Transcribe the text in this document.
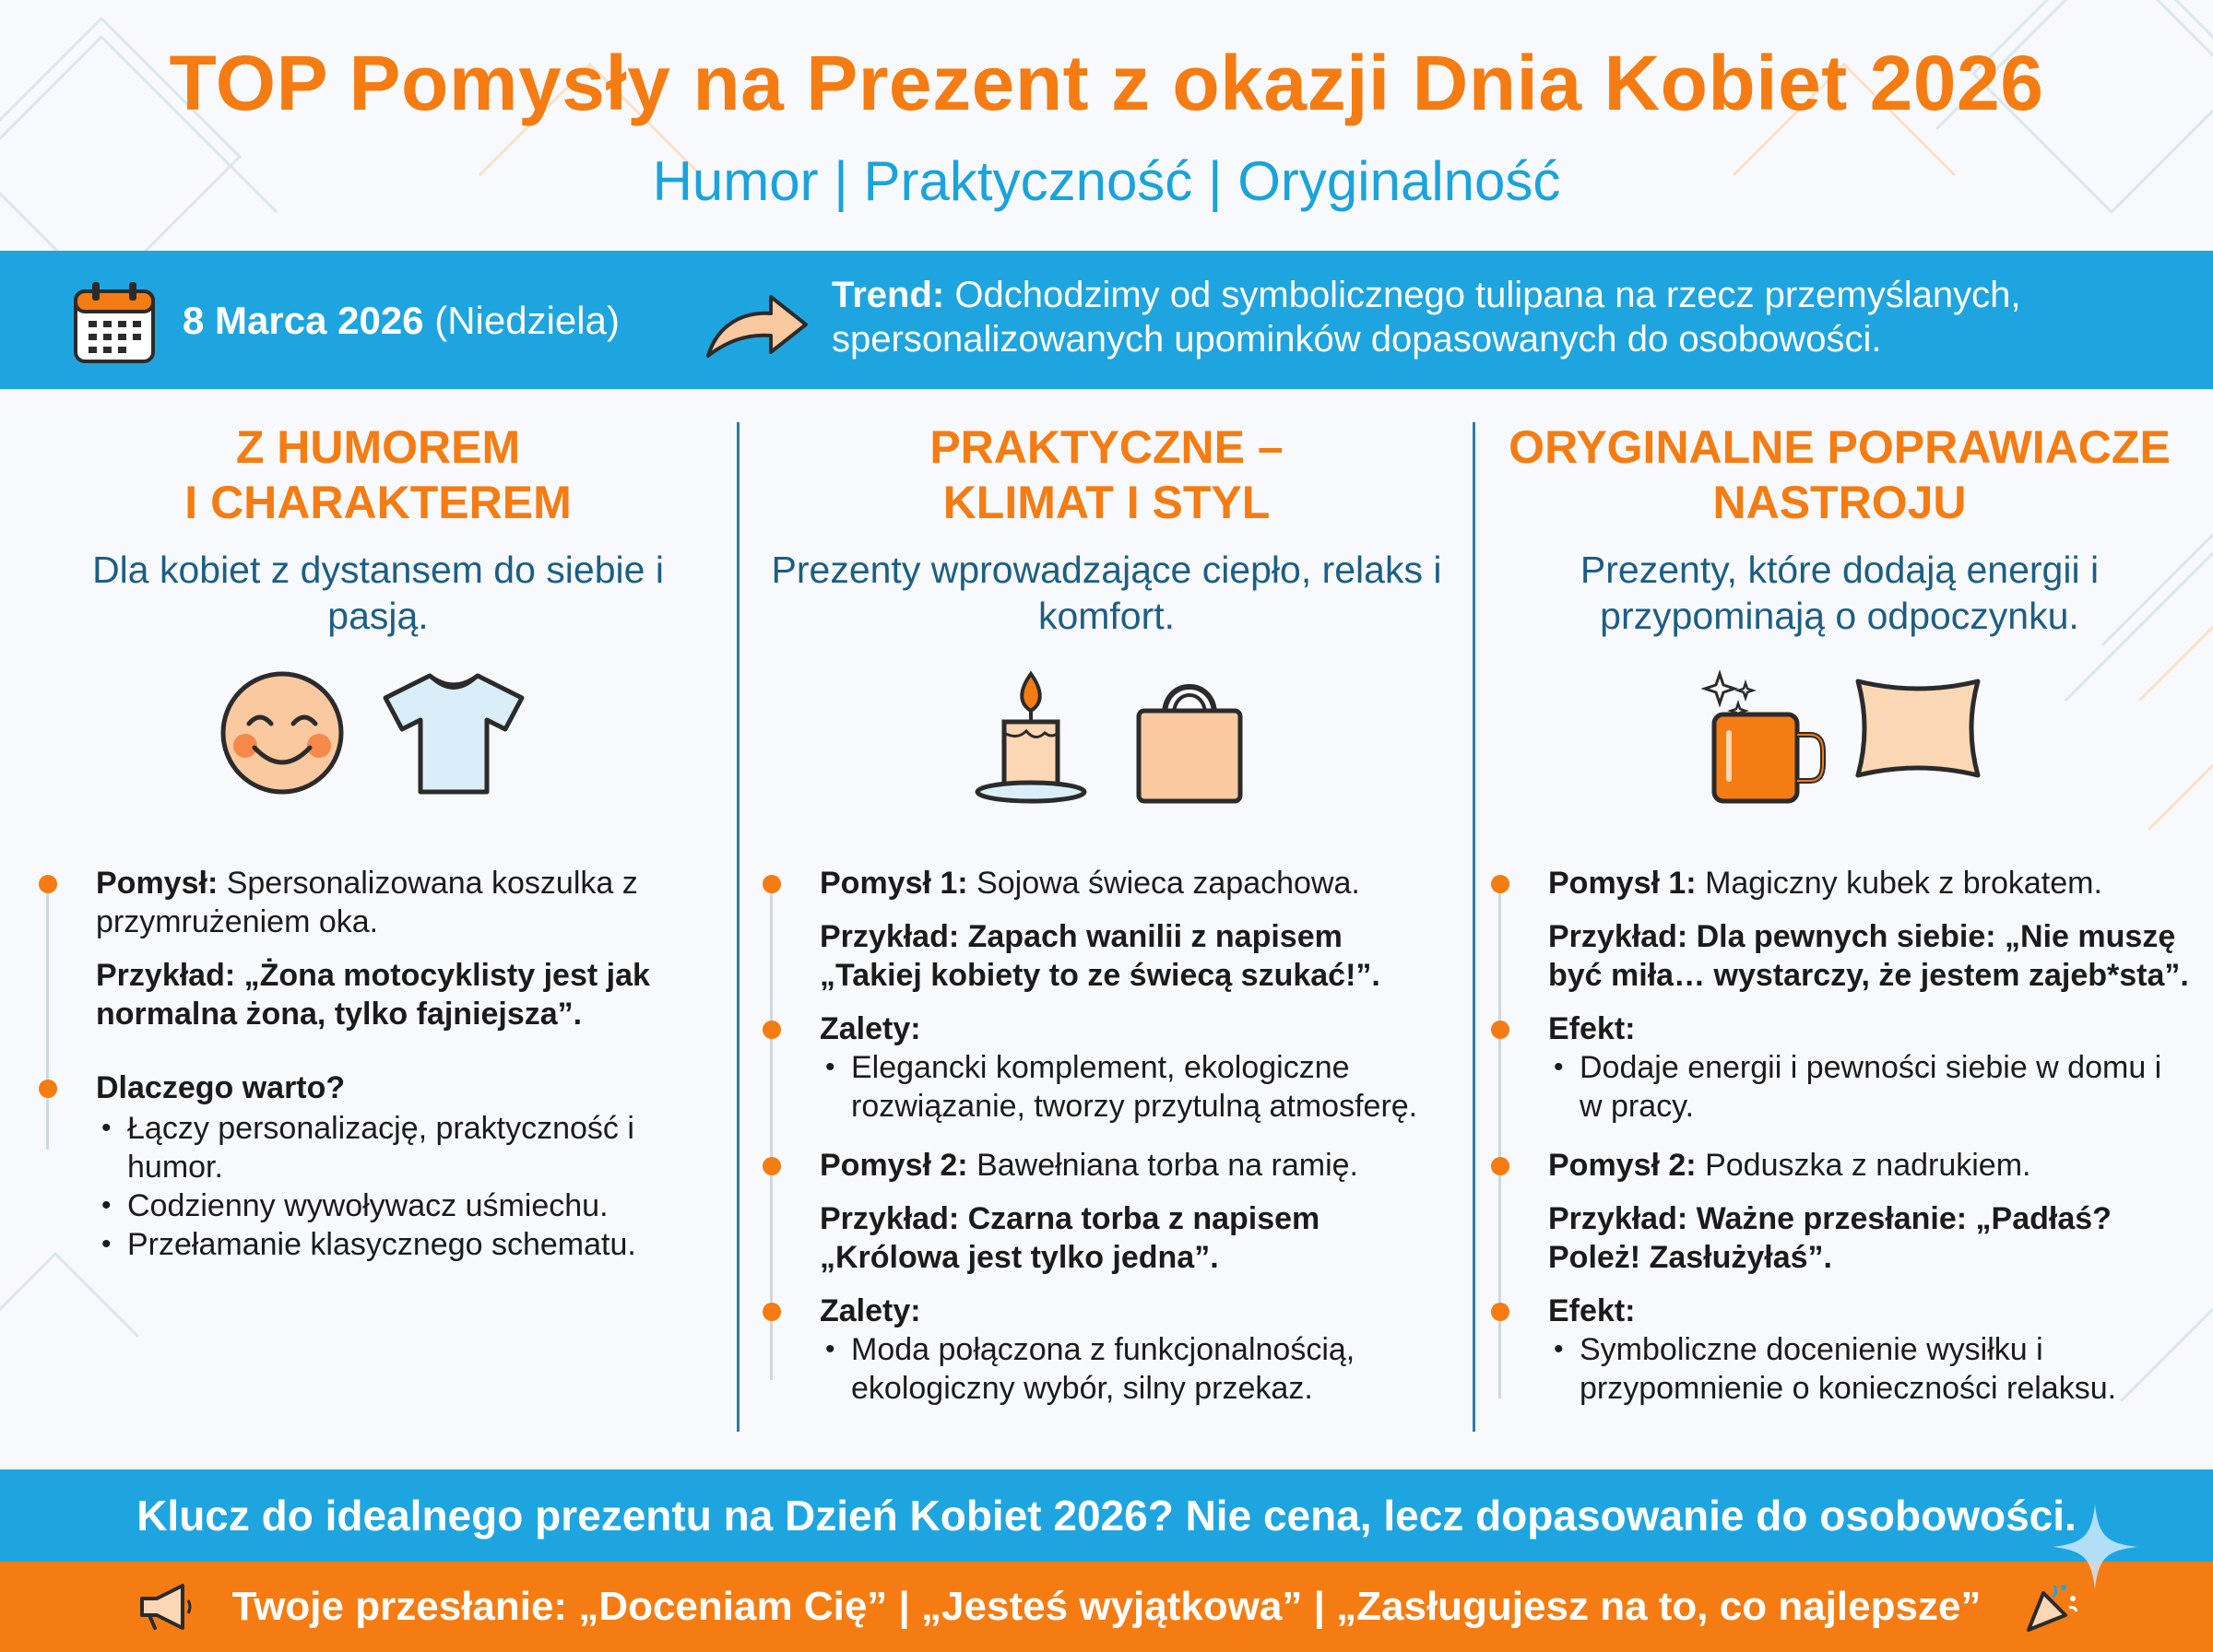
TOP Pomysły na Prezent z okazji Dnia Kobiet 2026
Humor | Praktyczność | Oryginalność
8 Marca 2026 (Niedziela)
Trend: Odchodzimy od symbolicznego tulipana na rzecz przemyślanych, spersonalizowanych upominków dopasowanych do osobowości.
Z HUMOREM
I CHARAKTEREM
Dla kobiet z dystansem do siebie i pasją.
Pomysł: Spersonalizowana koszulka z przymrużeniem oka.
Przykład: „Żona motocyklisty jest jak normalna żona, tylko fajniejsza”.
Dlaczego warto?
• Łączy personalizację, praktyczność i humor.
• Codzienny wywoływacz uśmiechu.
• Przełamanie klasycznego schematu.
PRAKTYCZNE –
KLIMAT I STYL
Prezenty wprowadzające ciepło, relaks i komfort.
Pomysł 1: Sojowa świeca zapachowa.
Przykład: Zapach wanilii z napisem „Takiej kobiety to ze świecą szukać!”.
Zalety:
• Elegancki komplement, ekologiczne rozwiązanie, tworzy przytulną atmosferę.
Pomysł 2: Bawełniana torba na ramię.
Przykład: Czarna torba z napisem „Królowa jest tylko jedna”.
Zalety:
• Moda połączona z funkcjonalnością, ekologiczny wybór, silny przekaz.
ORYGINALNE POPRAWIACZE
NASTROJU
Prezenty, które dodają energii i przypominają o odpoczynku.
Pomysł 1: Magiczny kubek z brokatem.
Przykład: Dla pewnych siebie: „Nie muszę być miła… wystarczy, że jestem zajeb*sta”.
Efekt:
• Dodaje energii i pewności siebie w domu i w pracy.
Pomysł 2: Poduszka z nadrukiem.
Przykład: Ważne przesłanie: „Padłaś? Poleż! Zasłużyłaś”.
Efekt:
• Symboliczne docenienie wysiłku i przypomnienie o konieczności relaksu.
Klucz do idealnego prezentu na Dzień Kobiet 2026? Nie cena, lecz dopasowanie do osobowości.
Twoje przesłanie: „Doceniam Cię” | „Jesteś wyjątkowa” | „Zasługujesz na to, co najlepsze”
